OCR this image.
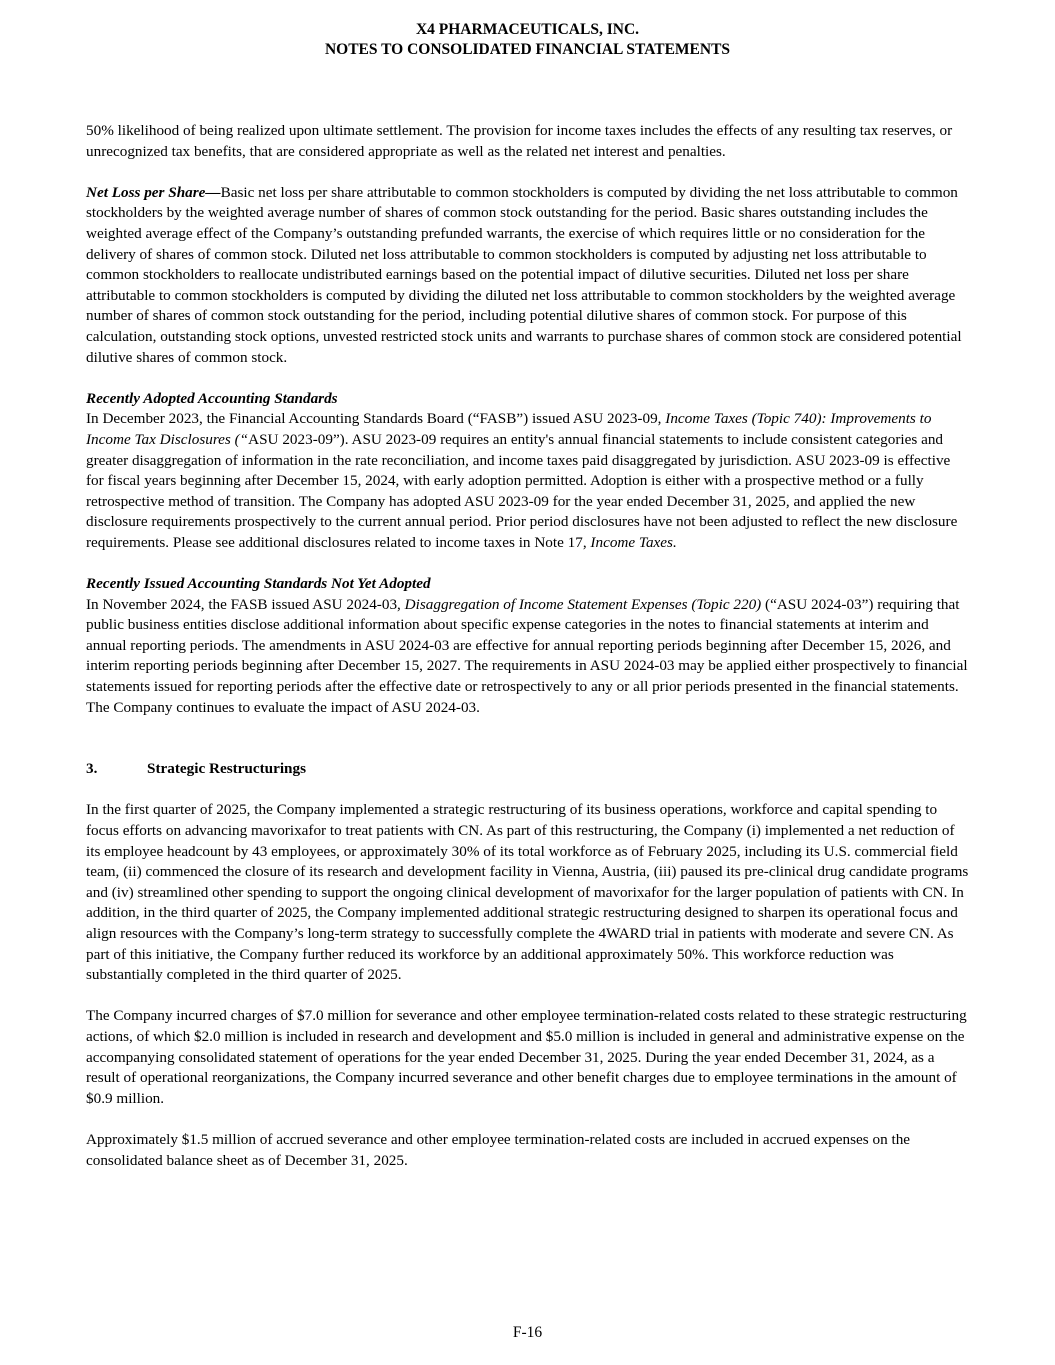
X4 PHARMACEUTICALS, INC.
NOTES TO CONSOLIDATED FINANCIAL STATEMENTS

50% likelihood of being realized upon ultimate settlement. The provision for income taxes includes the effects of any resulting tax reserves, or unrecognized tax benefits, that are considered appropriate as well as the related net interest and penalties.

Net Loss per Share—Basic net loss per share attributable to common stockholders is computed by dividing the net loss attributable to common stockholders by the weighted average number of shares of common stock outstanding for the period. Basic shares outstanding includes the weighted average effect of the Company’s outstanding prefunded warrants, the exercise of which requires little or no consideration for the delivery of shares of common stock. Diluted net loss attributable to common stockholders is computed by adjusting net loss attributable to common stockholders to reallocate undistributed earnings based on the potential impact of dilutive securities. Diluted net loss per share attributable to common stockholders is computed by dividing the diluted net loss attributable to common stockholders by the weighted average number of shares of common stock outstanding for the period, including potential dilutive shares of common stock. For purpose of this calculation, outstanding stock options, unvested restricted stock units and warrants to purchase shares of common stock are considered potential dilutive shares of common stock.

Recently Adopted Accounting Standards

In December 2023, the Financial Accounting Standards Board (“FASB”) issued ASU 2023-09, Income Taxes (Topic 740): Improvements to Income Tax Disclosures (“ASU 2023-09”). ASU 2023-09 requires an entity's annual financial statements to include consistent categories and greater disaggregation of information in the rate reconciliation, and income taxes paid disaggregated by jurisdiction. ASU 2023-09 is effective for fiscal years beginning after December 15, 2024, with early adoption permitted. Adoption is either with a prospective method or a fully retrospective method of transition. The Company has adopted ASU 2023-09 for the year ended December 31, 2025, and applied the new disclosure requirements prospectively to the current annual period. Prior period disclosures have not been adjusted to reflect the new disclosure requirements. Please see additional disclosures related to income taxes in Note 17, Income Taxes.

Recently Issued Accounting Standards Not Yet Adopted

In November 2024, the FASB issued ASU 2024-03, Disaggregation of Income Statement Expenses (Topic 220) (“ASU 2024-03”) requiring that public business entities disclose additional information about specific expense categories in the notes to financial statements at interim and annual reporting periods. The amendments in ASU 2024-03 are effective for annual reporting periods beginning after December 15, 2026, and interim reporting periods beginning after December 15, 2027. The requirements in ASU 2024-03 may be applied either prospectively to financial statements issued for reporting periods after the effective date or retrospectively to any or all prior periods presented in the financial statements. The Company continues to evaluate the impact of ASU 2024-03.

3.	Strategic Restructurings

In the first quarter of 2025, the Company implemented a strategic restructuring of its business operations, workforce and capital spending to focus efforts on advancing mavorixafor to treat patients with CN. As part of this restructuring, the Company (i) implemented a net reduction of its employee headcount by 43 employees, or approximately 30% of its total workforce as of February 2025, including its U.S. commercial field team, (ii) commenced the closure of its research and development facility in Vienna, Austria, (iii) paused its pre-clinical drug candidate programs and (iv) streamlined other spending to support the ongoing clinical development of mavorixafor for the larger population of patients with CN. In addition, in the third quarter of 2025, the Company implemented additional strategic restructuring designed to sharpen its operational focus and align resources with the Company’s long-term strategy to successfully complete the 4WARD trial in patients with moderate and severe CN. As part of this initiative, the Company further reduced its workforce by an additional approximately 50%. This workforce reduction was substantially completed in the third quarter of 2025.

The Company incurred charges of $7.0 million for severance and other employee termination-related costs related to these strategic restructuring actions, of which $2.0 million is included in research and development and $5.0 million is included in general and administrative expense on the accompanying consolidated statement of operations for the year ended December 31, 2025. During the year ended December 31, 2024, as a result of operational reorganizations, the Company incurred severance and other benefit charges due to employee terminations in the amount of $0.9 million.

Approximately $1.5 million of accrued severance and other employee termination-related costs are included in accrued expenses on the consolidated balance sheet as of December 31, 2025.

F-16
